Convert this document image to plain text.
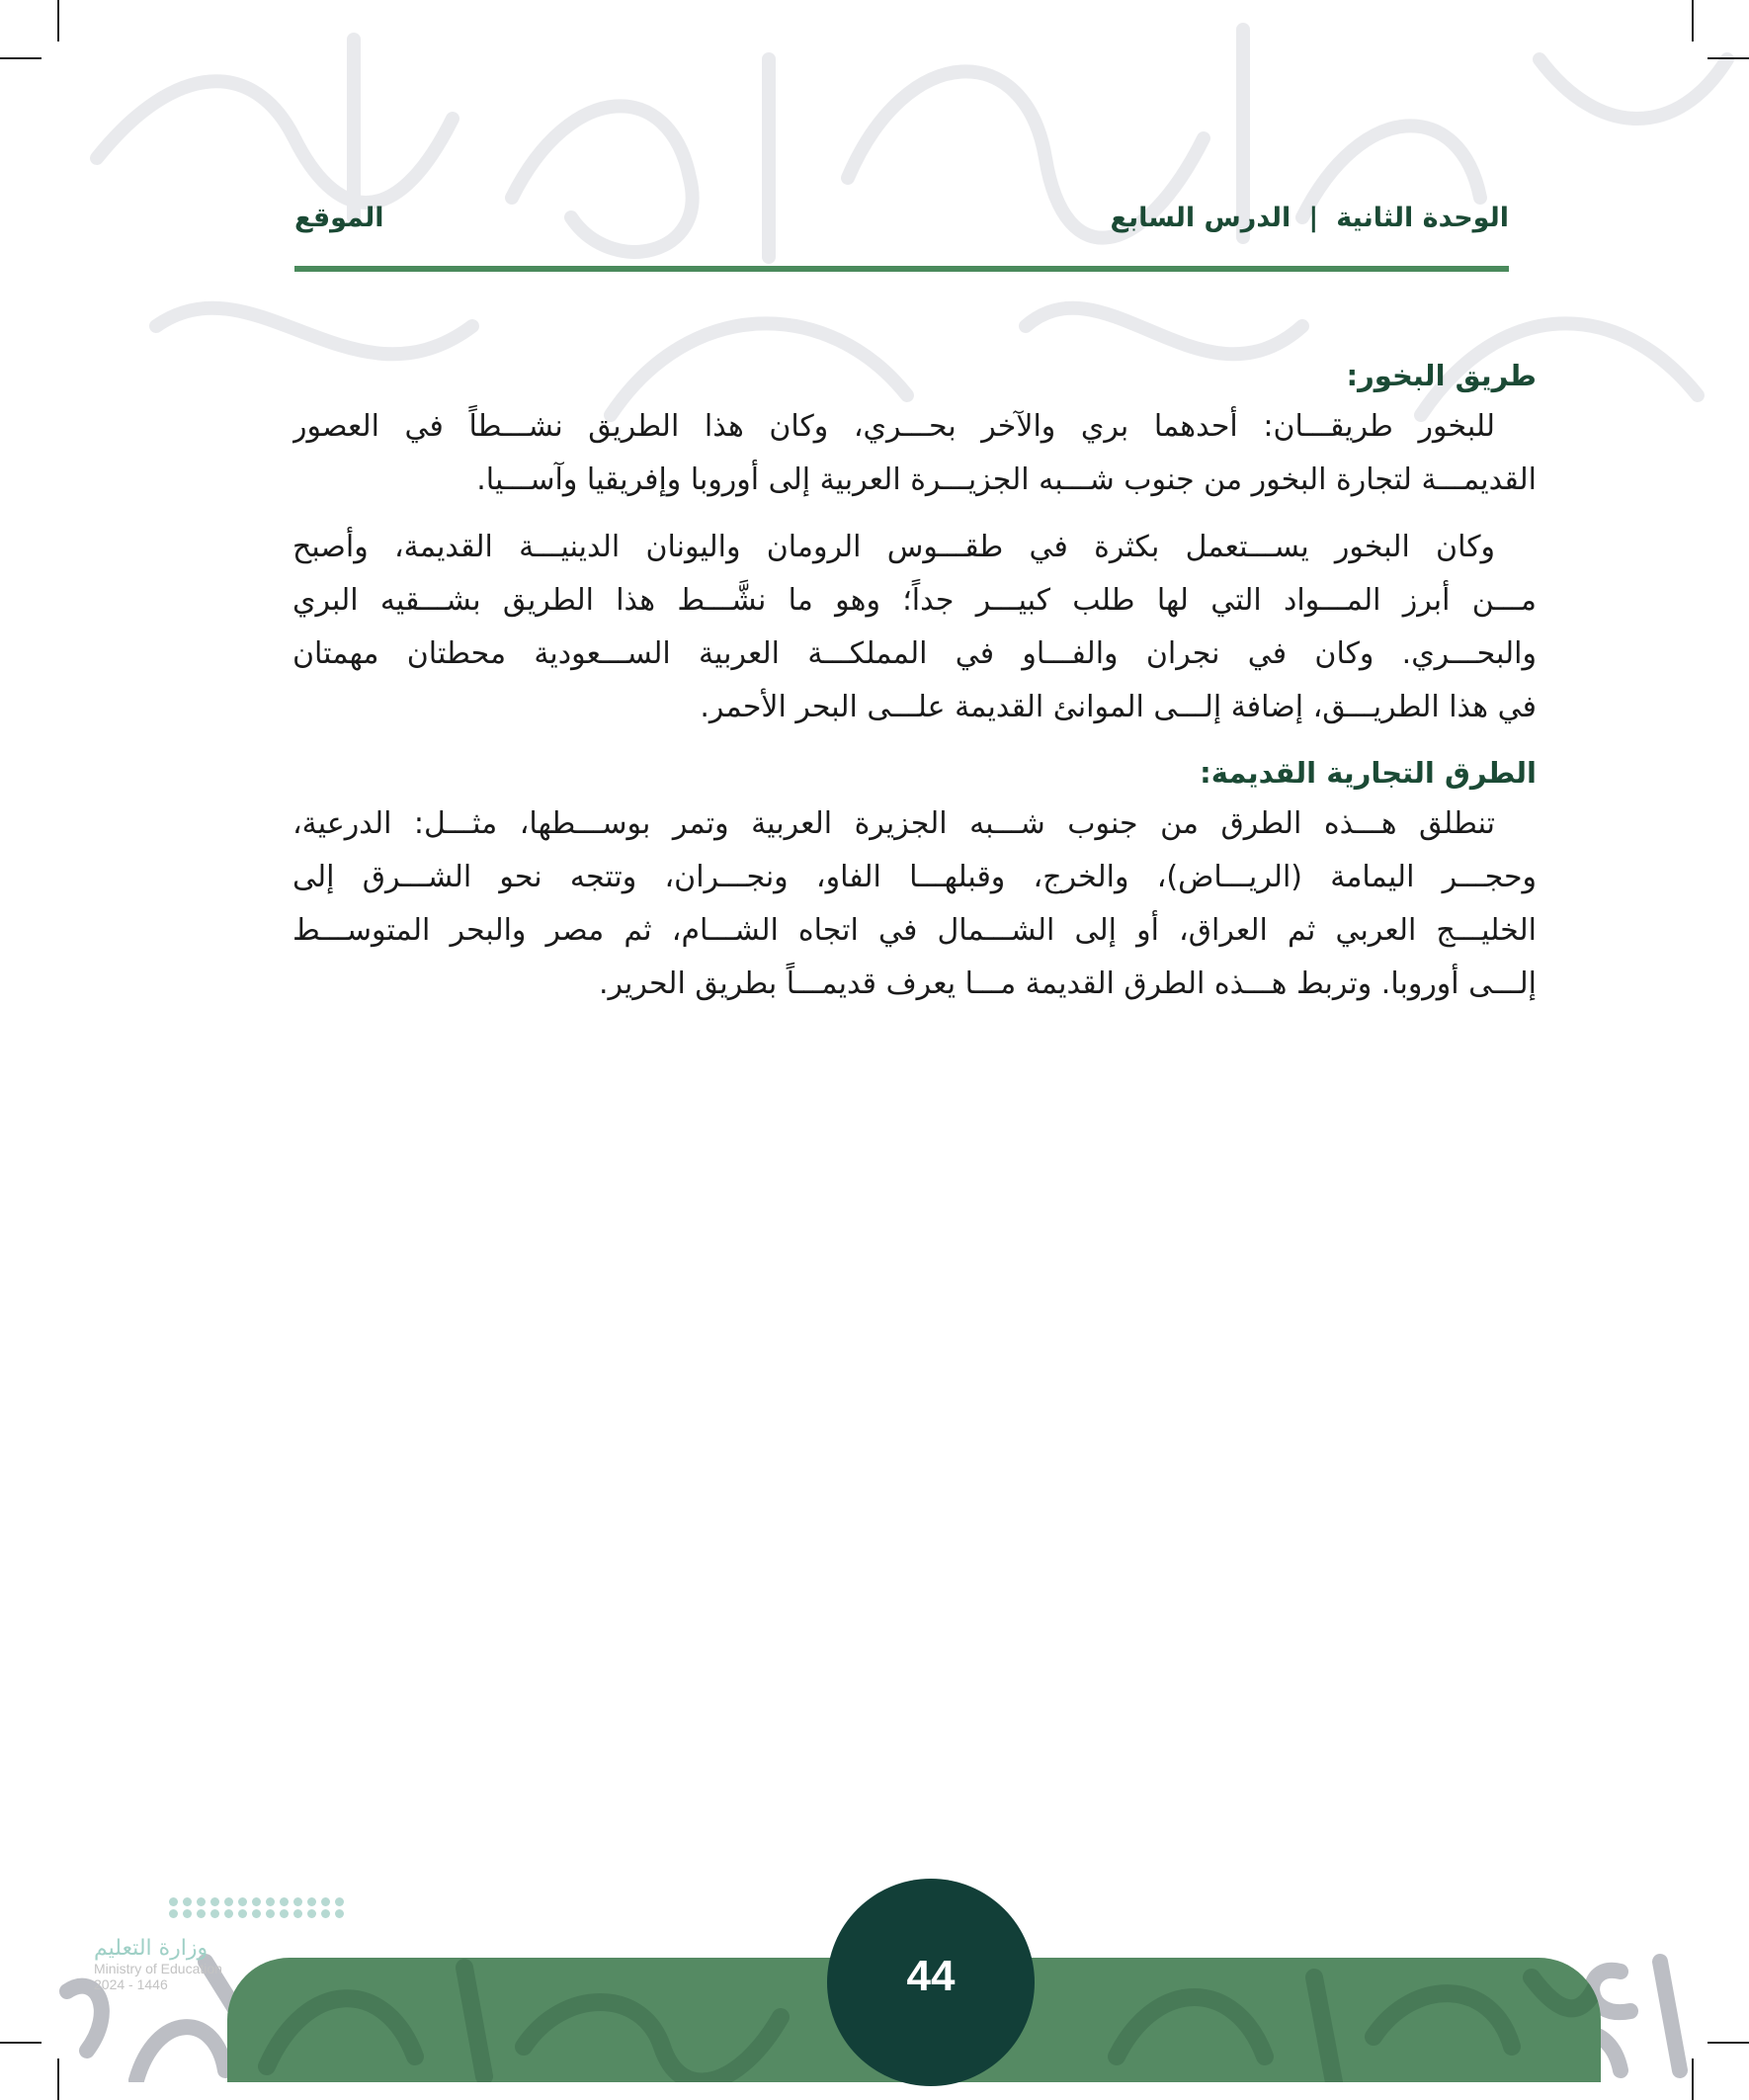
الوحدة الثانية|الدرس السابع
الموقع
طريق البخور:
للبخور طريقـــان: أحدهما بري والآخر بحـــري، وكان هذا الطريق نشـــطاً في العصور
القديمـــة لتجارة البخور من جنوب شـــبه الجزيـــرة العربية إلى أوروبا وإفريقيا وآســـيا.
وكان البخور يســـتعمل بكثرة في طقـــوس الرومان واليونان الدينيـــة القديمة، وأصبح
مـــن أبرز المـــواد التي لها طلب كبيـــر جداً؛ وهو ما نشَّـــط هذا الطريق بشـــقيه البري
والبحـــري. وكان في نجران والفـــاو في المملكـــة العربية الســـعودية محطتان مهمتان
في هذا الطريـــق، إضافة إلـــى الموانئ القديمة علـــى البحر الأحمر.
الطرق التجارية القديمة:
تنطلق هـــذه الطرق من جنوب شـــبه الجزيرة العربية وتمر بوســـطها، مثـــل: الدرعية،
وحجـــر اليمامة (الريـــاض)، والخرج، وقبلهـــا الفاو، ونجـــران، وتتجه نحو الشـــرق إلى
الخليـــج العربي ثم العراق، أو إلى الشـــمال في اتجاه الشـــام، ثم مصر والبحر المتوســـط
إلـــى أوروبا. وتربط هـــذه الطرق القديمة مـــا يعرف قديمـــاً بطريق الحرير.
44
وزارة التعليم
Ministry of Education
2024 - 1446
